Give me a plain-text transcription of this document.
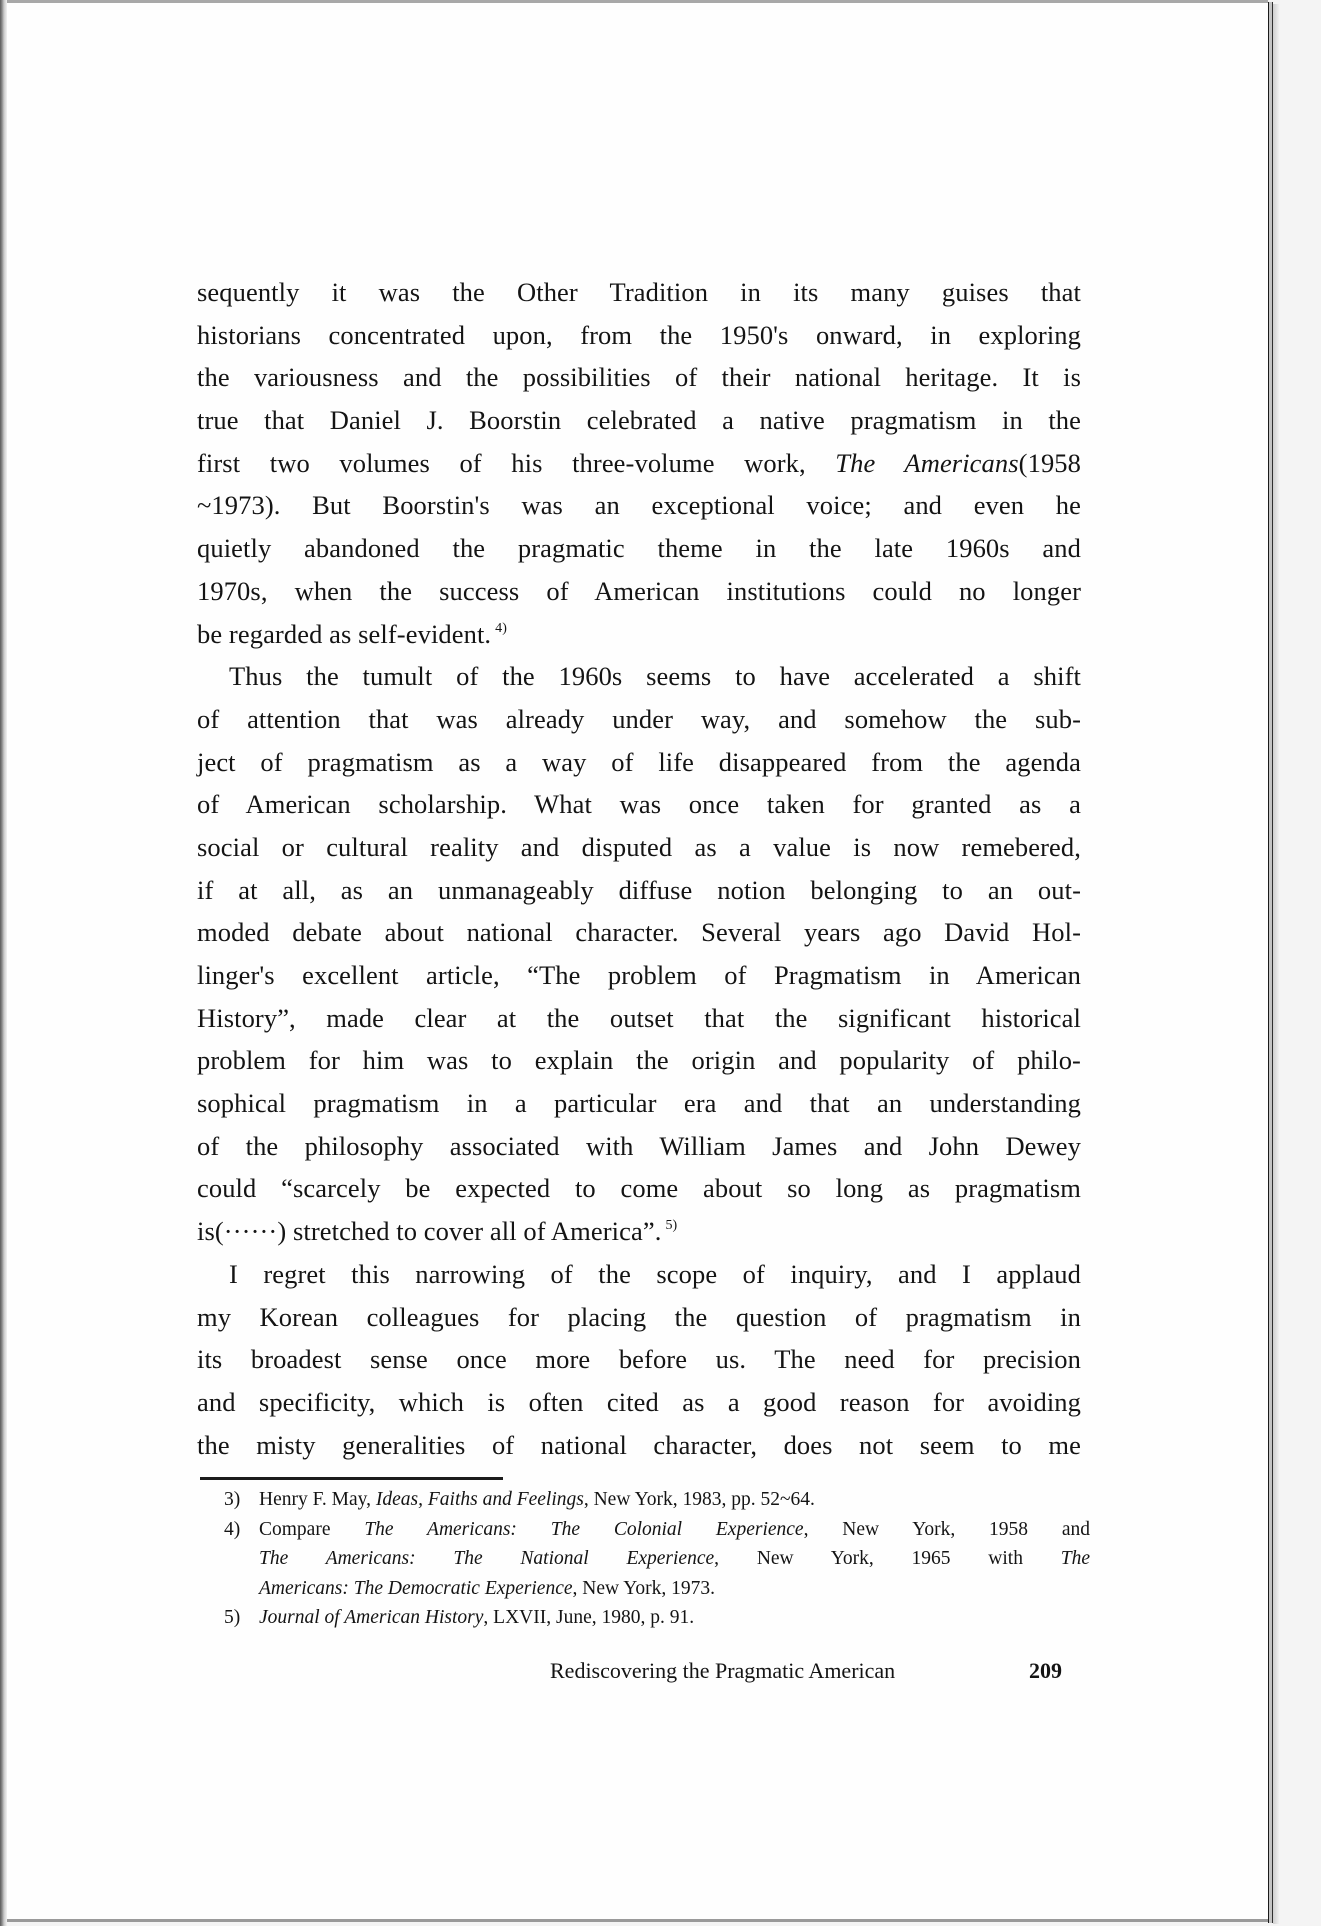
sequently it was the Other Tradition in its many guises that
historians concentrated upon, from the 1950's onward, in exploring
the variousness and the possibilities of their national heritage. It is
true that Daniel J. Boorstin celebrated a native pragmatism in the
first two volumes of his three-volume work, The Americans(1958
~1973). But Boorstin's was an exceptional voice; and even he
quietly abandoned the pragmatic theme in the late 1960s and
1970s, when the success of American institutions could no longer
be regarded as self-evident. $^{4)}$
Thus the tumult of the 1960s seems to have accelerated a shift
of attention that was already under way, and somehow the sub-
ject of pragmatism as a way of life disappeared from the agenda
of American scholarship. What was once taken for granted as a
social or cultural reality and disputed as a value is now remebered,
if at all, as an unmanageably diffuse notion belonging to an out-
moded debate about national character. Several years ago David Hol-
linger's excellent article, “The problem of Pragmatism in American
History”, made clear at the outset that the significant historical
problem for him was to explain the origin and popularity of philo-
sophical pragmatism in a particular era and that an understanding
of the philosophy associated with William James and John Dewey
could “scarcely be expected to come about so long as pragmatism
is(······) stretched to cover all of America”. $^{5)}$
I regret this narrowing of the scope of inquiry, and I applaud
my Korean colleagues for placing the question of pragmatism in
its broadest sense once more before us. The need for precision
and specificity, which is often cited as a good reason for avoiding
the misty generalities of national character, does not seem to me
3) Henry F. May, Ideas, Faiths and Feelings, New York, 1983, pp. 52~64.
4) Compare The Americans: The Colonial Experience, New York, 1958 and
The Americans: The National Experience, New York, 1965 with The
Americans: The Democratic Experience, New York, 1973.
5) Journal of American History, LXVII, June, 1980, p. 91.
Rediscovering the Pragmatic American	209
